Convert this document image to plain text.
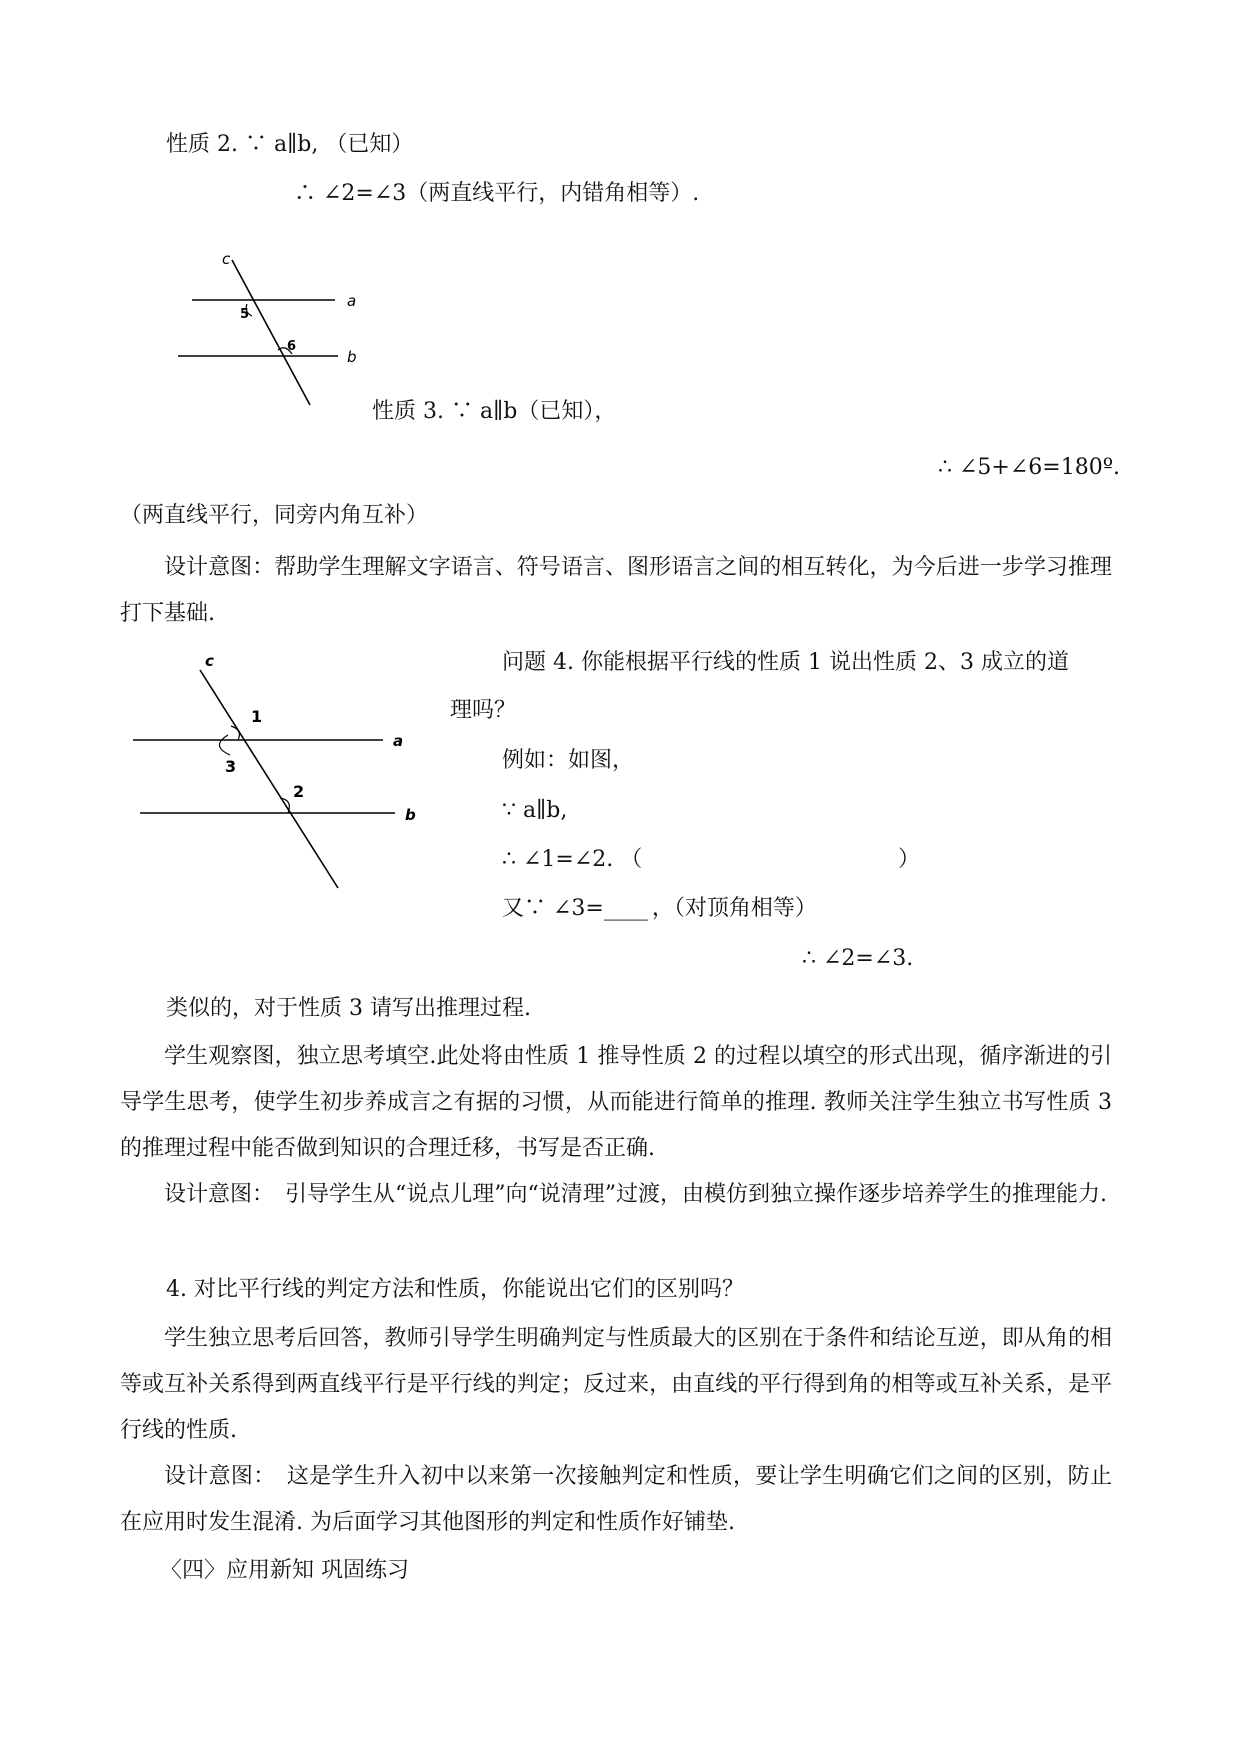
性质 2. ∵ a∥b, （已知）
∴ ∠2=∠3（两直线平行，内错角相等）.
c
a
b
5
6
性质 3. ∵ a∥b（已知），
∴ ∠5+∠6=180º.
（两直线平行，同旁内角互补）
设计意图：帮助学生理解文字语言、符号语言、图形语言之间的相互转化，为今后进一步学习推理打下基础.
c
a
b
1
3
2
问题 4. 你能根据平行线的性质 1 说出性质 2、3 成立的道
理吗？
例如：如图，
∵ a∥b,
∴ ∠1=∠2. （	）
又∵ ∠3=____ ，（对顶角相等）
∴ ∠2=∠3.
类似的，对于性质 3 请写出推理过程.
学生观察图，独立思考填空.此处将由性质 1 推导性质 2 的过程以填空的形式出现，循序渐进的引导学生思考，使学生初步养成言之有据的习惯，从而能进行简单的推理. 教师关注学生独立书写性质 3 的推理过程中能否做到知识的合理迁移，书写是否正确.
设计意图：　引导学生从“说点儿理”向“说清理”过渡，由模仿到独立操作逐步培养学生的推理能力.
4. 对比平行线的判定方法和性质，你能说出它们的区别吗？
学生独立思考后回答，教师引导学生明确判定与性质最大的区别在于条件和结论互逆，即从角的相等或互补关系得到两直线平行是平行线的判定；反过来，由直线的平行得到角的相等或互补关系，是平行线的性质.
设计意图：　这是学生升入初中以来第一次接触判定和性质，要让学生明确它们之间的区别，防止在应用时发生混淆. 为后面学习其他图形的判定和性质作好铺垫.
〈四〉应用新知 巩固练习
